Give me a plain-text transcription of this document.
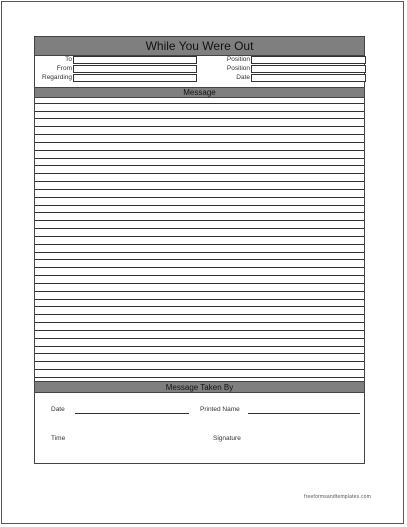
While You Were Out
To	Position
From	Position
Regarding	Date
Message
Message Taken By
Date	Printed Name
Time	Signature
freeformsandtemplates.com
